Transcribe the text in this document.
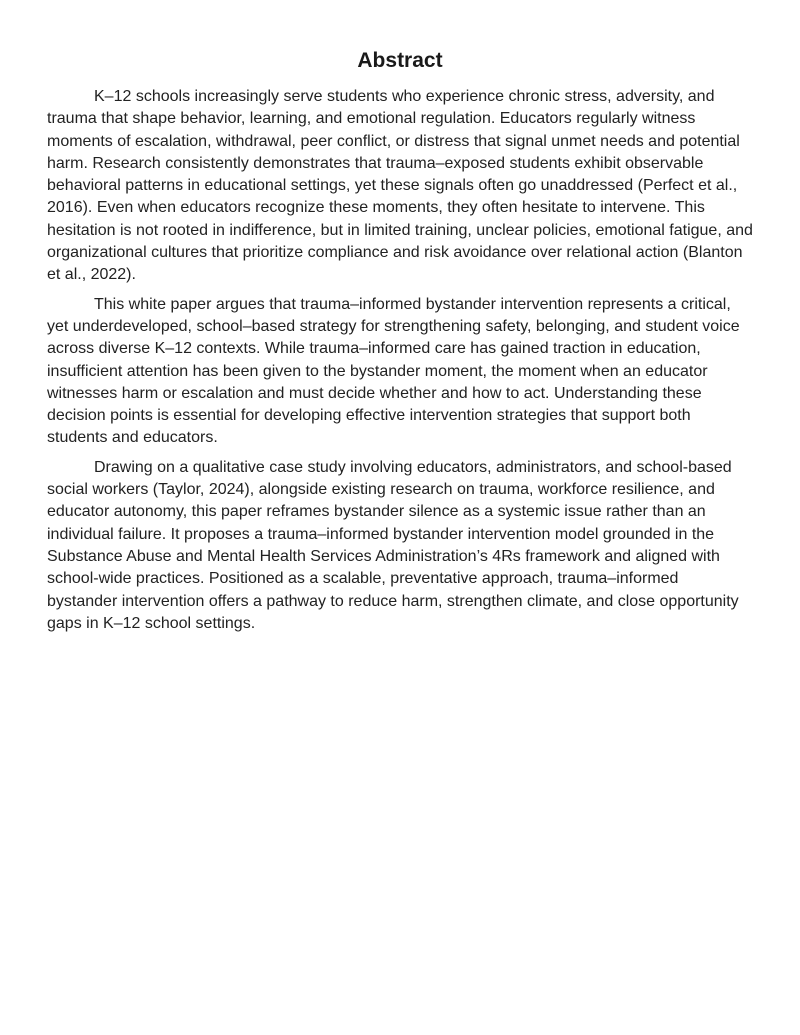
Abstract

K–12 schools increasingly serve students who experience chronic stress, adversity, and trauma that shape behavior, learning, and emotional regulation. Educators regularly witness moments of escalation, withdrawal, peer conflict, or distress that signal unmet needs and potential harm. Research consistently demonstrates that trauma–exposed students exhibit observable behavioral patterns in educational settings, yet these signals often go unaddressed (Perfect et al., 2016). Even when educators recognize these moments, they often hesitate to intervene. This hesitation is not rooted in indifference, but in limited training, unclear policies, emotional fatigue, and organizational cultures that prioritize compliance and risk avoidance over relational action (Blanton et al., 2022).

This white paper argues that trauma–informed bystander intervention represents a critical, yet underdeveloped, school–based strategy for strengthening safety, belonging, and student voice across diverse K–12 contexts. While trauma–informed care has gained traction in education, insufficient attention has been given to the bystander moment, the moment when an educator witnesses harm or escalation and must decide whether and how to act. Understanding these decision points is essential for developing effective intervention strategies that support both students and educators.

Drawing on a qualitative case study involving educators, administrators, and school-based social workers (Taylor, 2024), alongside existing research on trauma, workforce resilience, and educator autonomy, this paper reframes bystander silence as a systemic issue rather than an individual failure. It proposes a trauma–informed bystander intervention model grounded in the Substance Abuse and Mental Health Services Administration’s 4Rs framework and aligned with school-wide practices. Positioned as a scalable, preventative approach, trauma–informed bystander intervention offers a pathway to reduce harm, strengthen climate, and close opportunity gaps in K–12 school settings.
